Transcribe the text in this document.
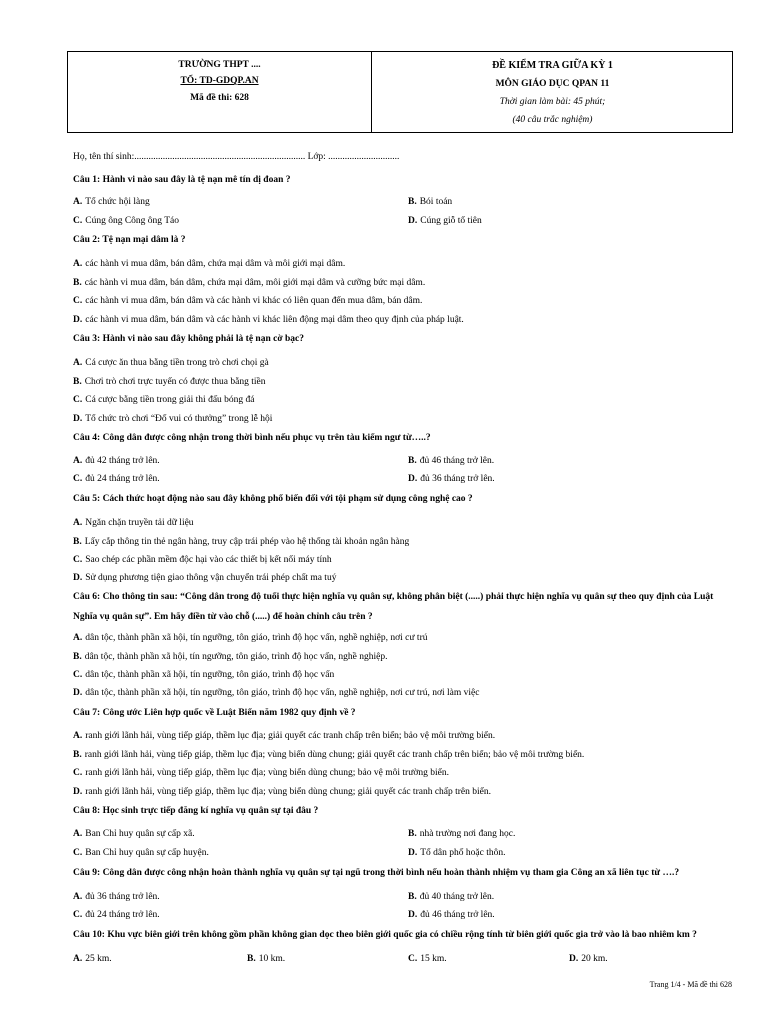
TRƯỜNG THPT ....
TỔ: TD-GDQP.AN
Mã đề thi: 628
ĐỀ KIỂM TRA GIỮA KỲ 1
MÔN GIÁO DỤC QPAN 11
Thời gian làm bài: 45 phút;
(40 câu trắc nghiệm)
Họ, tên thí sinh:........................................................................ Lớp: ..............................
Câu 1: Hành vi nào sau đây là tệ nạn mê tín dị đoan ?
A. Tổ chức hội làng	B. Bói toán
C. Cúng ông Công ông Táo	D. Cúng giỗ tổ tiên
Câu 2: Tệ nạn mại dâm là ?
A. các hành vi mua dâm, bán dâm, chứa mại dâm và môi giới mại dâm.
B. các hành vi mua dâm, bán dâm, chứa mại dâm, môi giới mại dâm và cưỡng bức mại dâm.
C. các hành vi mua dâm, bán dâm và các hành vi khác có liên quan đến mua dâm, bán dâm.
D. các hành vi mua dâm, bán dâm và các hành vi khác liên động mại dâm theo quy định của pháp luật.
Câu 3: Hành vi nào sau đây không phải là tệ nạn cờ bạc?
A. Cá cược ăn thua bằng tiền trong trò chơi chọi gà
B. Chơi trò chơi trực tuyến có được thua bằng tiền
C. Cá cược bằng tiền trong giải thi đấu bóng đá
D. Tổ chức trò chơi “Đố vui có thưởng” trong lễ hội
Câu 4: Công dân được công nhận trong thời bình nếu phục vụ trên tàu kiểm ngư từ…..?
A. đủ 42 tháng trở lên.	B. đủ 46 tháng trở lên.
C. đủ 24 tháng trở lên.	D. đủ 36 tháng trở lên.
Câu 5: Cách thức hoạt động nào sau đây không phổ biến đối với tội phạm sử dụng công nghệ cao ?
A. Ngăn chặn truyền tải dữ liệu
B. Lấy cắp thông tin thẻ ngân hàng, truy cập trái phép vào hệ thống tài khoản ngân hàng
C. Sao chép các phần mềm độc hại vào các thiết bị kết nối máy tính
D. Sử dụng phương tiện giao thông vận chuyển trái phép chất ma tuý
Câu 6: Cho thông tin sau: “Công dân trong độ tuổi thực hiện nghĩa vụ quân sự, không phân biệt (.....) phải thực hiện nghĩa vụ quân sự theo quy định của Luật
Nghĩa vụ quân sự”. Em hãy điền từ vào chỗ (.....) để hoàn chỉnh câu trên ?
A. dân tộc, thành phần xã hội, tín ngưỡng, tôn giáo, trình độ học vấn, nghề nghiệp, nơi cư trú
B. dân tộc, thành phần xã hội, tín ngưỡng, tôn giáo, trình độ học vấn, nghề nghiệp.
C. dân tộc, thành phần xã hội, tín ngưỡng, tôn giáo, trình độ học vấn
D. dân tộc, thành phần xã hội, tín ngưỡng, tôn giáo, trình độ học vấn, nghề nghiệp, nơi cư trú, nơi làm việc
Câu 7: Công ước Liên hợp quốc về Luật Biển năm 1982 quy định về ?
A. ranh giới lãnh hải, vùng tiếp giáp, thềm lục địa; giải quyết các tranh chấp trên biển; bảo vệ môi trường biển.
B. ranh giới lãnh hải, vùng tiếp giáp, thềm lục địa; vùng biển dùng chung; giải quyết các tranh chấp trên biển; bảo vệ môi trường biển.
C. ranh giới lãnh hải, vùng tiếp giáp, thềm lục địa; vùng biển dùng chung; bảo vệ môi trường biển.
D. ranh giới lãnh hải, vùng tiếp giáp, thềm lục địa; vùng biển dùng chung; giải quyết các tranh chấp trên biển.
Câu 8: Học sinh trực tiếp đăng kí nghĩa vụ quân sự tại đâu ?
A. Ban Chỉ huy quân sự cấp xã.	B. nhà trường nơi đang học.
C. Ban Chỉ huy quân sự cấp huyện.	D. Tổ dân phố hoặc thôn.
Câu 9: Công dân được công nhận hoàn thành nghĩa vụ quân sự tại ngũ trong thời bình nếu hoàn thành nhiệm vụ tham gia Công an xã liên tục từ ….?
A. đủ 36 tháng trở lên.	B. đủ 40 tháng trở lên.
C. đủ 24 tháng trở lên.	D. đủ 46 tháng trở lên.
Câu 10: Khu vực biên giới trên không gồm phần không gian dọc theo biên giới quốc gia có chiều rộng tính từ biên giới quốc gia trở vào là bao nhiêm km ?
A. 25 km.	B. 10 km.	C. 15 km.	D. 20 km.
Trang 1/4 - Mã đề thi 628
